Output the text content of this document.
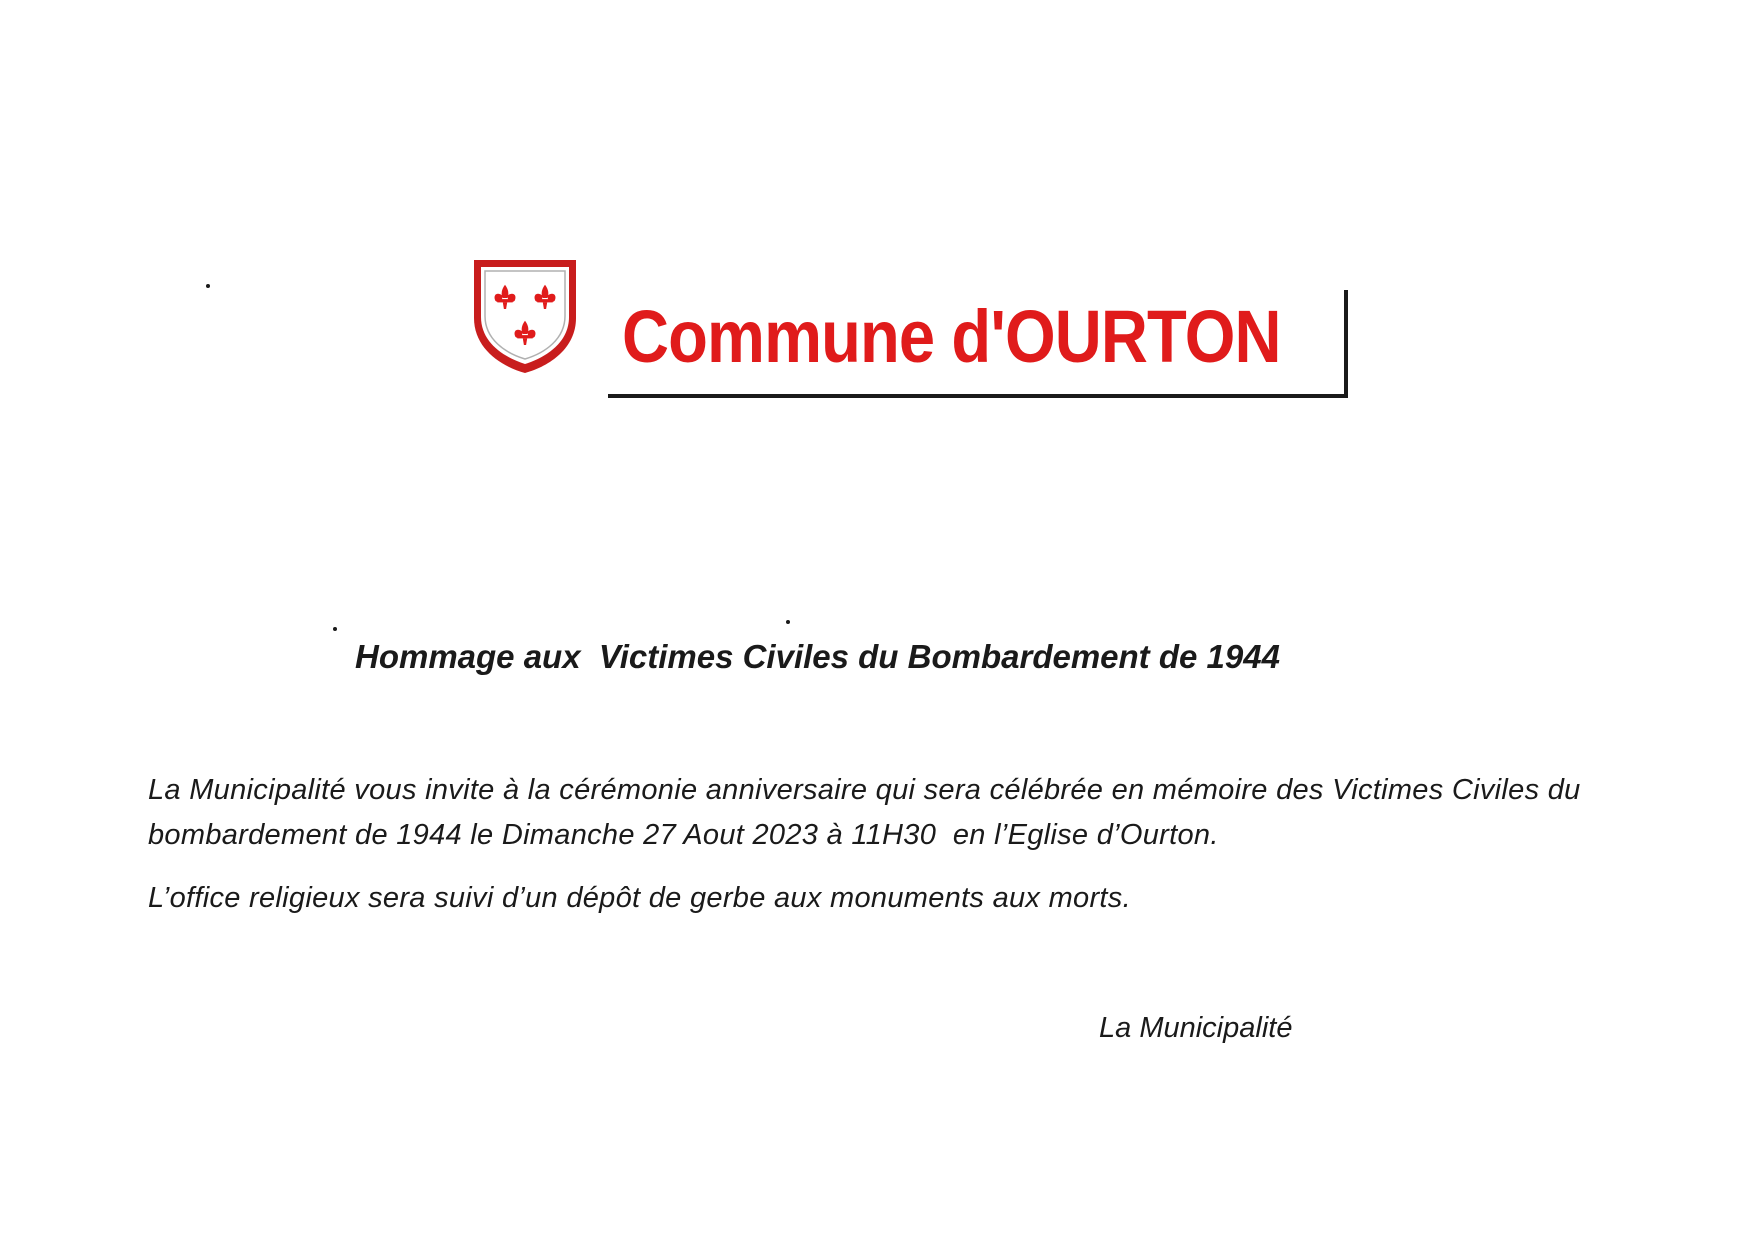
Commune d'OURTON
Hommage aux  Victimes Civiles du Bombardement de 1944

La Municipalité vous invite à la cérémonie anniversaire qui sera célébrée en mémoire des Victimes Civiles du bombardement de 1944 le Dimanche 27 Aout 2023 à 11H30  en l’Eglise d’Ourton.

L’office religieux sera suivi d’un dépôt de gerbe aux monuments aux morts.

La Municipalité
